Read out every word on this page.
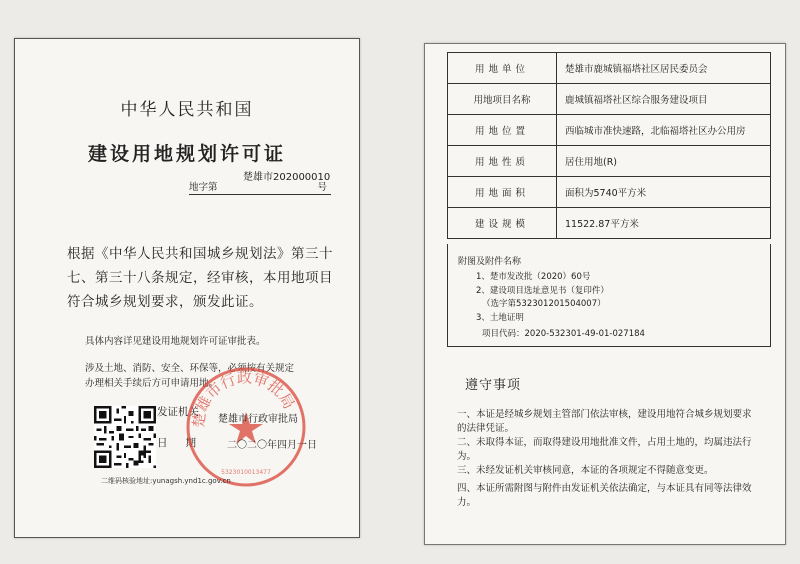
中华人民共和国
建设用地规划许可证
楚雄市202000010
地字第	号
根据《中华人民共和国城乡规划法》第三十七、第三十八条规定，经审核，本用地项目符合城乡规划要求，颁发此证。
具体内容详见建设用地规划许可证审批表。
涉及土地、消防、安全、环保等，必须按有关规定
办理相关手续后方可申请用地。
发证机关
日期
楚雄市行政审批局
5323010013477
楚雄市行政审批局
二〇二〇年四月一日
二维码核验地址:yunagsh.ynd1c.gov.cn
用地单位	楚雄市鹿城镇福塔社区居民委员会
用地项目名称	鹿城镇福塔社区综合服务建设项目
用地位置	西临城市准快速路，北临福塔社区办公用房
用地性质	居住用地(R)
用地面积	面积为5740平方米
建设规模	11522.87平方米
附图及附件名称
1、楚市发改批（2020）60号
2、建设项目选址意见书（复印件）
（选字第532301201504007）
3、土地证明
项目代码：2020-532301-49-01-027184
遵守事项
一、本证是经城乡规划主管部门依法审核，建设用地符合城乡规划要求的法律凭证。
二、未取得本证，而取得建设用地批准文件，占用土地的，均属违法行为。
三、未经发证机关审核同意，本证的各项规定不得随意变更。
四、本证所需附图与附件由发证机关依法确定，与本证具有同等法律效力。
